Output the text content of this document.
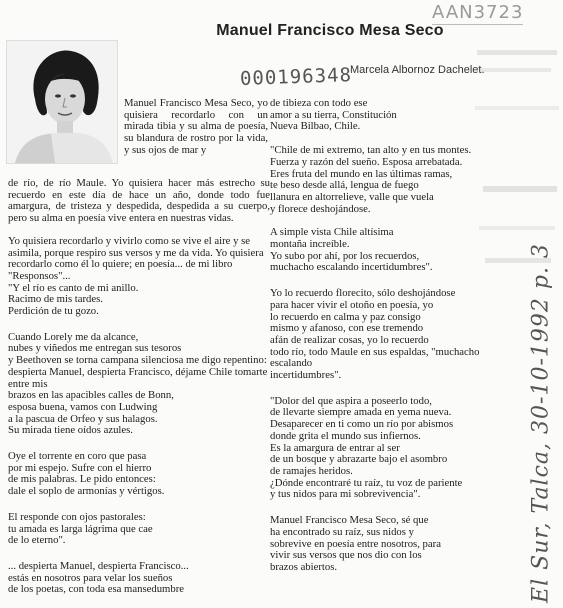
AAN3723
Manuel Francisco Mesa Seco
000196348
Marcela Albornoz Dachelet.
Manuel Francisco Mesa Seco, yo quisiera recordarlo con un mirada tibia y su alma de poesía, su blandura de rostro por la vida, y sus ojos de mar y

de río, de río Maule. Yo quisiera hacer más estrecho su recuerdo en este día de hace un año, donde todo fue amargura, de tristeza y despedida, despedida a su cuerpo, pero su alma en poesía vive entera en nuestras vidas.

Yo quisiera recordarlo y vivirlo como se vive el aire y se asimila, porque respiro sus versos y me da vida. Yo quisiera recordarlo como él lo quiere; en poesía... de mi libro "Responsos"...
"Y el río es canto de mi anillo.
Racimo de mis tardes.
Perdición de tu gozo.

Cuando Lorely me da alcance,
nubes y viñedos me entregan sus tesoros
y Beethoven se torna campana silenciosa me digo repentino: despierta Manuel, despierta Francisco, déjame Chile tomarte entre mis
brazos en las apacibles calles de Bonn,
esposa buena, vamos con Ludwing
a la pascua de Orfeo y sus halagos.
Su mirada tiene oídos azules.

Oye el torrente en coro que pasa
por mi espejo. Sufre con el hierro
de mis palabras. Le pido entonces:
dale el soplo de armonías y vértigos.

El responde con ojos pastorales:
tu amada es larga lágrima que cae
de lo eterno".

... despierta Manuel, despierta Francisco...
estás en nosotros para velar los sueños
de los poetas, con toda esa mansedumbre

de tibieza con todo ese
amor a su tierra, Constitución
Nueva Bilbao, Chile.

"Chile de mi extremo, tan alto y en tus montes.
Fuerza y razón del sueño. Esposa arrebatada.
Eres fruta del mundo en las últimas ramas,
te beso desde allá, lengua de fuego
llanura en altorrelieve, valle que vuela
y florece deshojándose.

A simple vista Chile altísima
montaña increíble.
Yo subo por ahí, por los recuerdos,
muchacho escalando incertidumbres".

Yo lo recuerdo florecito, sólo deshojándose
para hacer vivir el otoño en poesía, yo
lo recuerdo en calma y paz consigo
mismo y afanoso, con ese tremendo
afán de realizar cosas, yo lo recuerdo
todo río, todo Maule en sus espaldas, "muchacho escalando
incertidumbres".

"Dolor del que aspira a poseerlo todo,
de llevarte siempre amada en yema nueva.
Desaparecer en ti como un río por abismos
donde grita el mundo sus infiernos.
Es la amargura de entrar al ser
de un bosque y abrazarte bajo el asombro
de ramajes heridos.
¿Dónde encontraré tu raíz, tu voz de pariente
y tus nidos para mi sobrevivencia".

Manuel Francisco Mesa Seco, sé que
ha encontrado su raíz, sus nidos y
sobrevive en poesía entre nosotros, para
vivir sus versos que nos dio con los
brazos abiertos.	El Sur, Talca, 30-10-1992 p. 3
